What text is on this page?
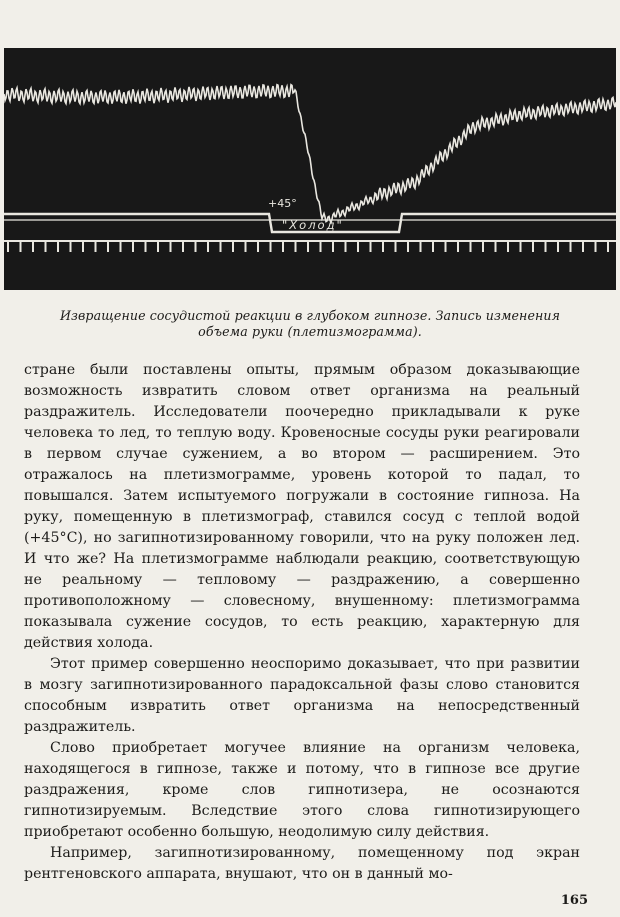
+45°
"Холод"
Извращение сосудистой реакции в глубоком гипнозе. Запись изменения
объема руки (плетизмограмма).

стране были поставлены опыты, прямым образом доказывающие возможность извратить словом ответ организма на реальный раздражитель. Исследователи поочередно прикладывали к руке человека то лед, то теплую воду. Кровеносные сосуды руки реагировали в первом случае сужением, а во втором — расширением. Это отражалось на плетизмограмме, уровень которой то падал, то повышался. Затем испытуемого погружали в состояние гипноза. На руку, помещенную в плетизмограф, ставился сосуд с теплой водой (+45°С), но загипнотизированному говорили, что на руку положен лед. И что же? На плетизмограмме наблюдали реакцию, соответствующую не реальному — тепловому — раздражению, а совершенно противоположному — словесному, внушенному: плетизмограмма показывала сужение сосудов, то есть реакцию, характерную для действия холода.

Этот пример совершенно неоспоримо доказывает, что при развитии в мозгу загипнотизированного парадоксальной фазы слово становится способным извратить ответ организма на непосредственный раздражитель.

Слово приобретает могучее влияние на организм человека, находящегося в гипнозе, также и потому, что в гипнозе все другие раздражения, кроме слов гипнотизера, не осознаются гипнотизируемым. Вследствие этого слова гипнотизирующего приобретают особенно большую, неодолимую силу действия.

Например, загипнотизированному, помещенному под экран рентгеновского аппарата, внушают, что он в данный мо-

165
